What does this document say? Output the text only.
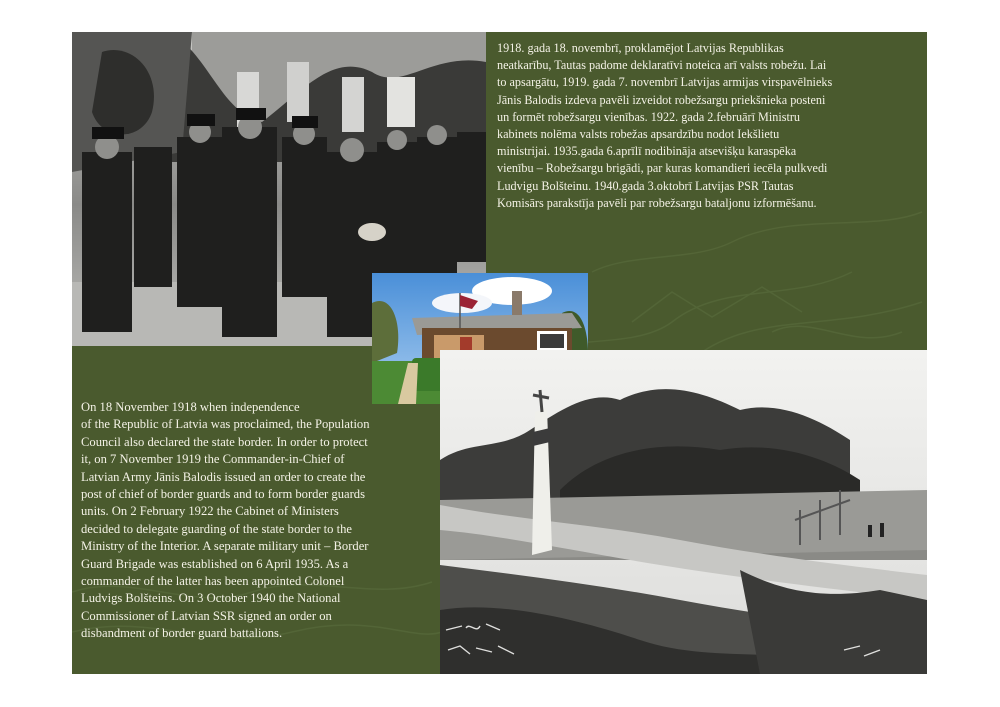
1918. gada 18. novembrī, proklamējot Latvijas Republikas
neatkarību, Tautas padome deklaratīvi noteica arī valsts robežu. Lai
to apsargātu, 1919. gada 7. novembrī Latvijas armijas virspavēlnieks
Jānis Balodis izdeva pavēli izveidot robežsargu priekšnieka posteni
un formēt robežsargu vienības. 1922. gada 2.februārī Ministru
kabinets nolēma valsts robežas apsardzību nodot Iekšlietu
ministrijai. 1935.gada 6.aprīlī nodibināja atsevišķu karaspēka
vienību – Robežsargu brigādi, par kuras komandieri iecēla pulkvedi
Ludvigu Bolšteinu. 1940.gada 3.oktobrī Latvijas PSR Tautas
Komisārs parakstīja pavēli par robežsargu bataljonu izformēšanu.
On 18 November 1918 when independence
of the Republic of Latvia was proclaimed, the Population
Council also declared the state border. In order to protect
it, on 7 November 1919 the Commander-in-Chief of
Latvian Army Jānis Balodis issued an order to create the
post of chief of border guards and to form border guards
units. On 2 February 1922 the Cabinet of Ministers
decided to delegate guarding of the state border to the
Ministry of the Interior. A separate military unit – Border
Guard Brigade was established on 6 April 1935. As a
commander of the latter has been appointed Colonel
Ludvigs Bolšteins. On 3 October 1940 the National
Commissioner of Latvian SSR signed an order on
disbandment of border guard battalions.
